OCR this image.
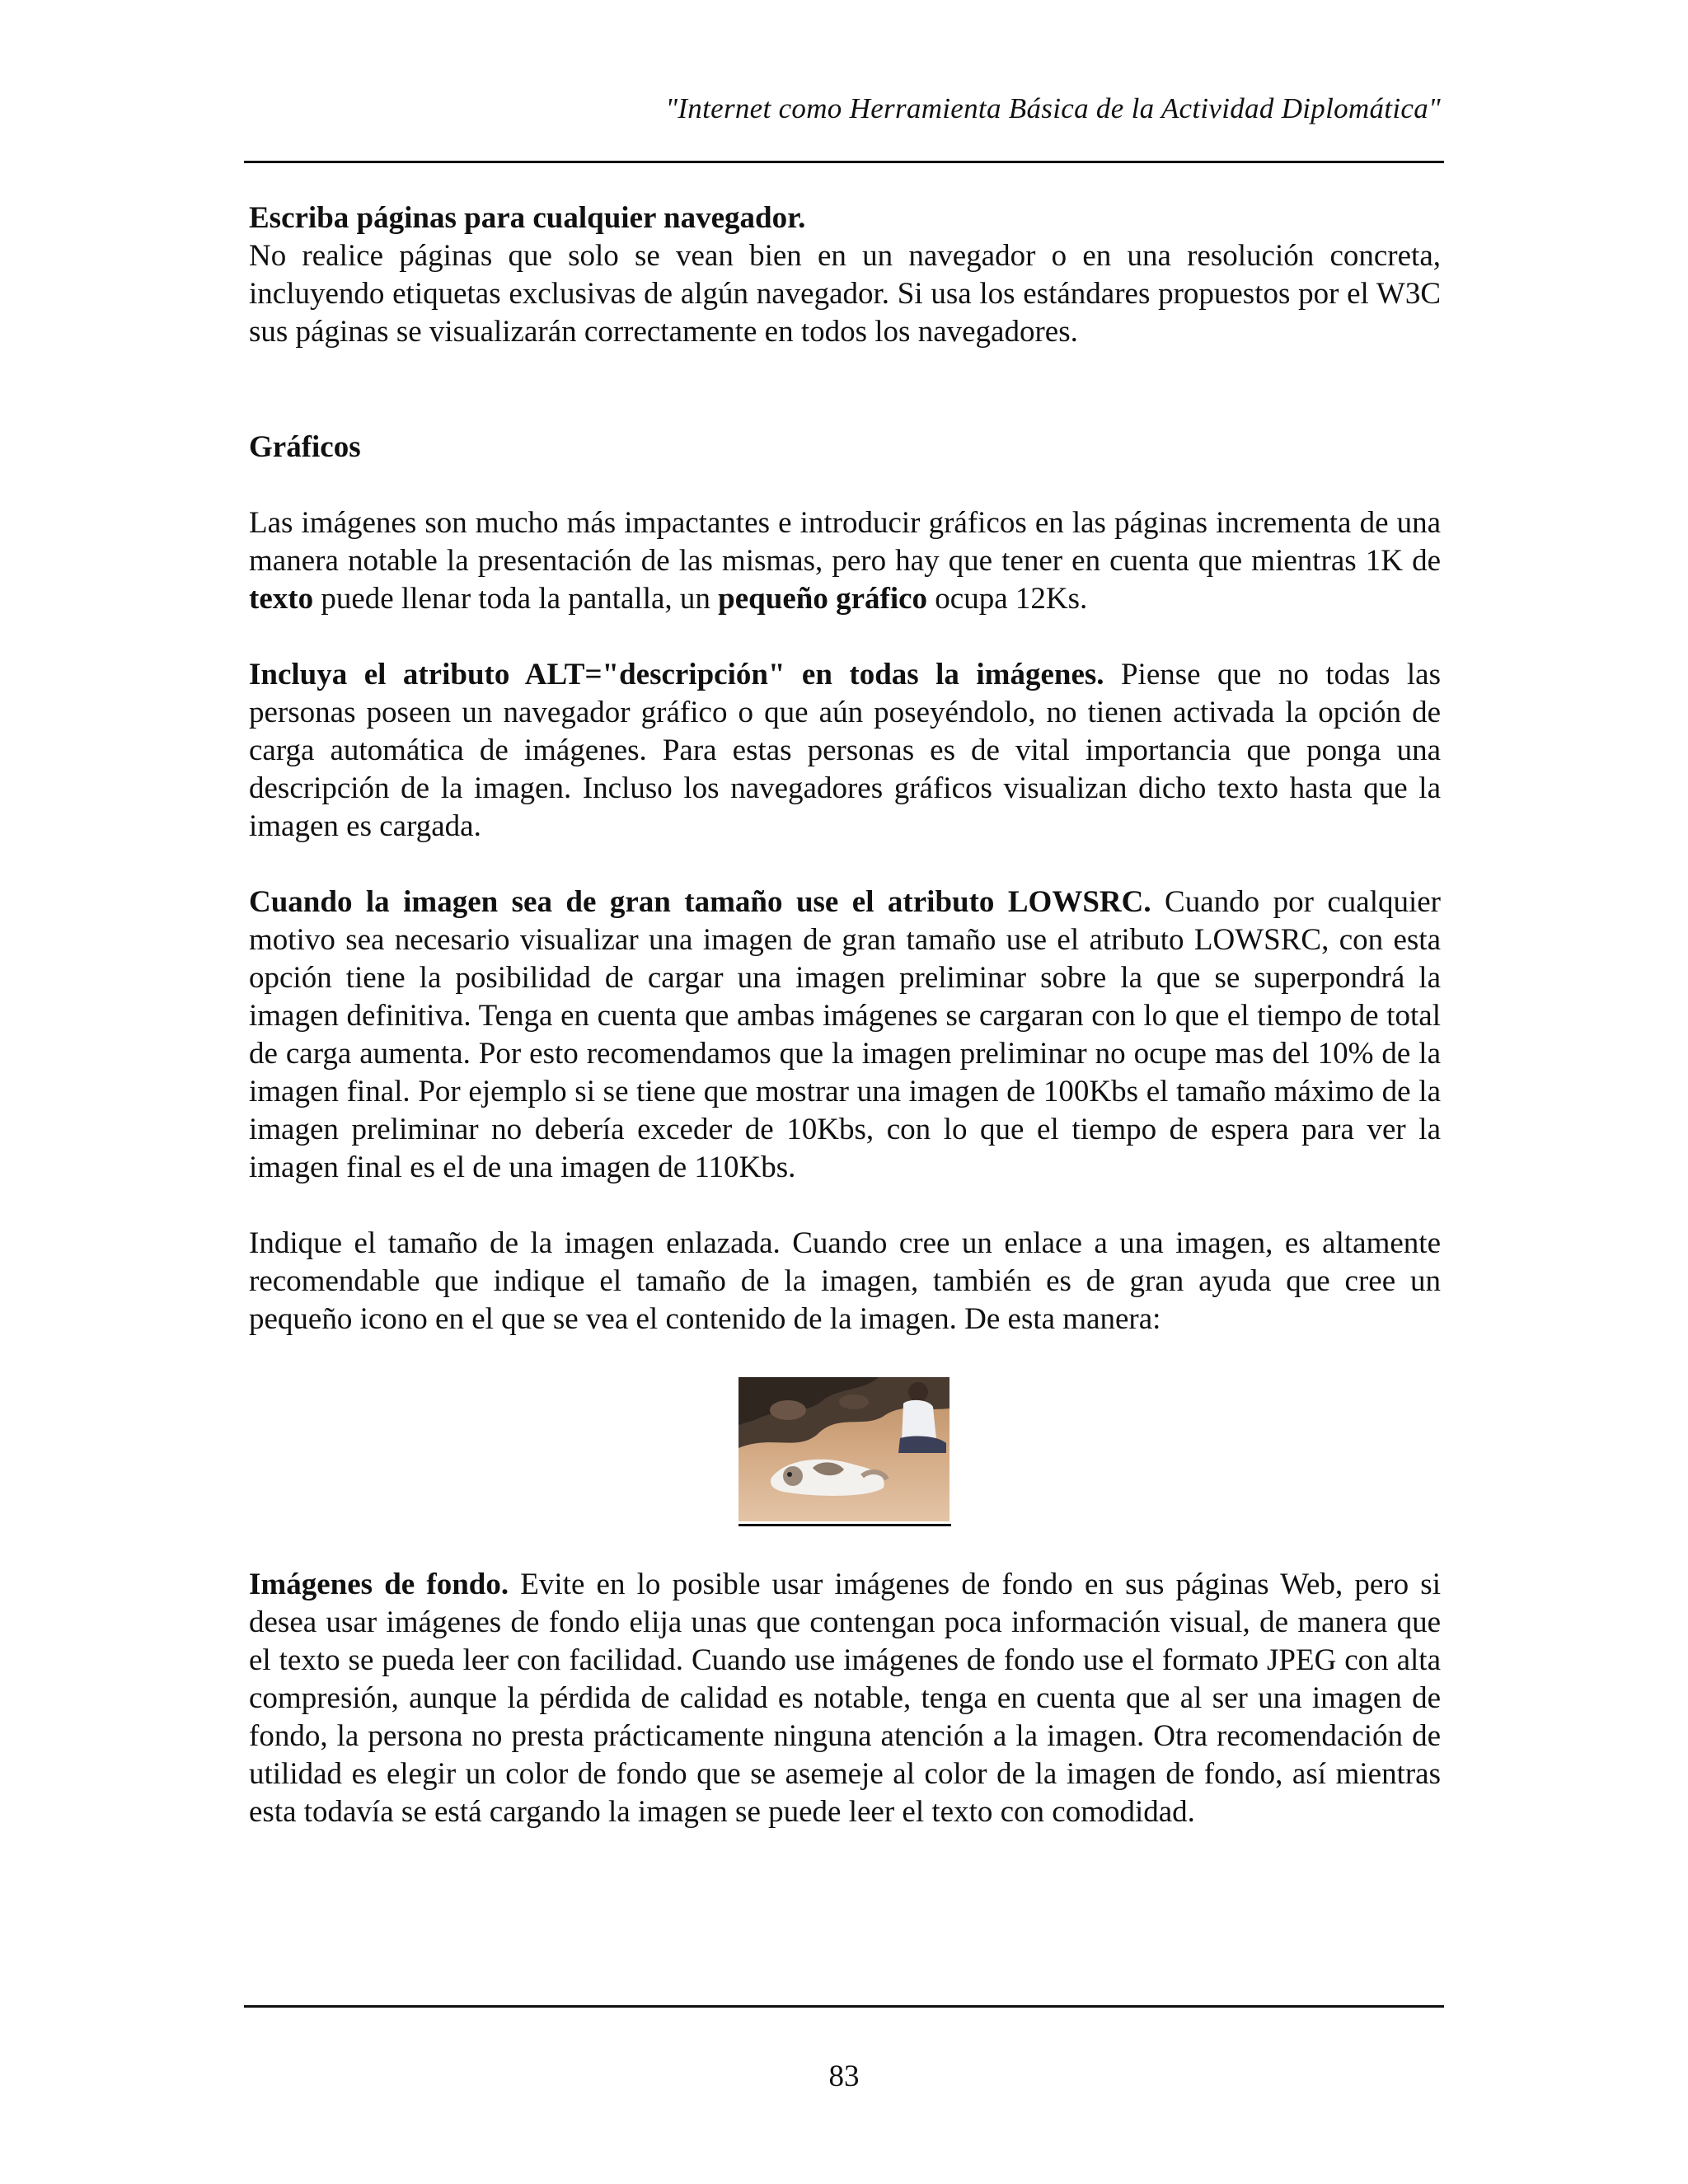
"Internet como Herramienta Básica de la Actividad Diplomática"

Escriba páginas para cualquier navegador.

No realice páginas que solo se vean bien en un navegador o en una resolución concreta, incluyendo etiquetas exclusivas de algún navegador. Si usa los estándares propuestos por el W3C sus páginas se visualizarán correctamente en todos los navegadores.

Gráficos

Las imágenes son mucho más impactantes e introducir gráficos en las páginas incrementa de una manera notable la presentación de las mismas, pero hay que tener en cuenta que mientras 1K de texto puede llenar toda la pantalla, un pequeño gráfico ocupa 12Ks.

Incluya el atributo ALT="descripción" en todas la imágenes. Piense que no todas las personas poseen un navegador gráfico o que aún poseyéndolo, no tienen activada la opción de carga automática de imágenes. Para estas personas es de vital importancia que ponga una descripción de la imagen. Incluso los navegadores gráficos visualizan dicho texto hasta que la imagen es cargada.

Cuando la imagen sea de gran tamaño use el atributo LOWSRC. Cuando por cualquier motivo sea necesario visualizar una imagen de gran tamaño use el atributo LOWSRC, con esta opción tiene la posibilidad de cargar una imagen preliminar sobre la que se superpondrá la imagen definitiva. Tenga en cuenta que ambas imágenes se cargaran con lo que el tiempo de total de carga aumenta. Por esto recomendamos que la imagen preliminar no ocupe mas del 10% de la imagen final. Por ejemplo si se tiene que mostrar una imagen de 100Kbs el tamaño máximo de la imagen preliminar no debería exceder de 10Kbs, con lo que el tiempo de espera para ver la imagen final es el de una imagen de 110Kbs.

Indique el tamaño de la imagen enlazada. Cuando cree un enlace a una imagen, es altamente recomendable que indique el tamaño de la imagen, también es de gran ayuda que cree un pequeño icono en el que se vea el contenido de la imagen. De esta manera:

Imágenes de fondo. Evite en lo posible usar imágenes de fondo en sus páginas Web, pero si desea usar imágenes de fondo elija unas que contengan poca información visual, de manera que el texto se pueda leer con facilidad. Cuando use imágenes de fondo use el formato JPEG con alta compresión, aunque la pérdida de calidad es notable, tenga en cuenta que al ser una imagen de fondo, la persona no presta prácticamente ninguna atención a la imagen. Otra recomendación de utilidad es elegir un color de fondo que se asemeje al color de la imagen de fondo, así mientras esta todavía se está cargando la imagen se puede leer el texto con comodidad.

83
